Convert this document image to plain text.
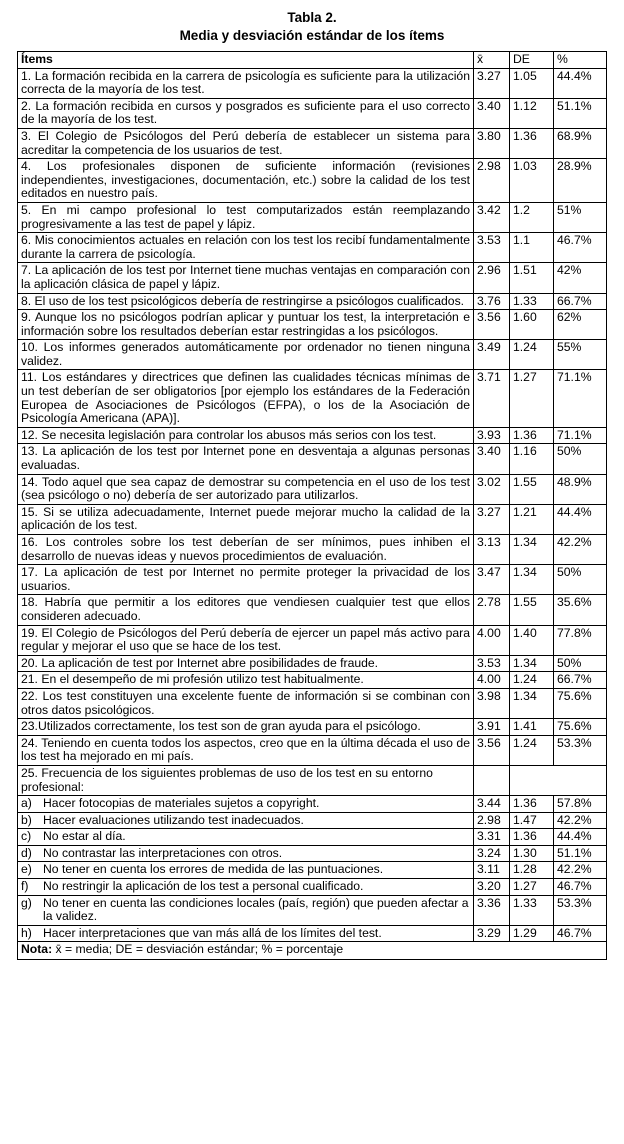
Tabla 2.
Media y desviación estándar de los ítems
Ítems	x̄	DE	%
1. La formación recibida en la carrera de psicología es suficiente para la utilización correcta de la mayoría de los test.	3.27	1.05	44.4%
2. La formación recibida en cursos y posgrados es suficiente para el uso correcto de la mayoría de los test.	3.40	1.12	51.1%
3. El Colegio de Psicólogos del Perú debería de establecer un sistema para acreditar la competencia de los usuarios de test.	3.80	1.36	68.9%
4. Los profesionales disponen de suficiente información (revisiones independientes, investigaciones, documentación, etc.) sobre la calidad de los test editados en nuestro país.	2.98	1.03	28.9%
5. En mi campo profesional lo test computarizados están reemplazando progresivamente a las test de papel y lápiz.	3.42	1.2	51%
6. Mis conocimientos actuales en relación con los test los recibí fundamentalmente durante la carrera de psicología.	3.53	1.1	46.7%
7. La aplicación de los test por Internet tiene muchas ventajas en comparación con la aplicación clásica de papel y lápiz.	2.96	1.51	42%
8. El uso de los test psicológicos debería de restringirse a psicólogos cualificados.	3.76	1.33	66.7%
9. Aunque los no psicólogos podrían aplicar y puntuar los test, la interpretación e información sobre los resultados deberían estar restringidas a los psicólogos.	3.56	1.60	62%
10. Los informes generados automáticamente por ordenador no tienen ninguna validez.	3.49	1.24	55%
11. Los estándares y directrices que definen las cualidades técnicas mínimas de un test deberían de ser obligatorios [por ejemplo los estándares de la Federación Europea de Asociaciones de Psicólogos (EFPA), o los de la Asociación de Psicología Americana (APA)].	3.71	1.27	71.1%
12. Se necesita legislación para controlar los abusos más serios con los test.	3.93	1.36	71.1%
13. La aplicación de los test por Internet pone en desventaja a algunas personas evaluadas.	3.40	1.16	50%
14. Todo aquel que sea capaz de demostrar su competencia en el uso de los test (sea psicólogo o no) debería de ser autorizado para utilizarlos.	3.02	1.55	48.9%
15. Si se utiliza adecuadamente, Internet puede mejorar mucho la calidad de la aplicación de los test.	3.27	1.21	44.4%
16. Los controles sobre los test deberían de ser mínimos, pues inhiben el desarrollo de nuevas ideas y nuevos procedimientos de evaluación.	3.13	1.34	42.2%
17. La aplicación de test por Internet no permite proteger la privacidad de los usuarios.	3.47	1.34	50%
18. Habría que permitir a los editores que vendiesen cualquier test que ellos consideren adecuado.	2.78	1.55	35.6%
19. El Colegio de Psicólogos del Perú debería de ejercer un papel más activo para regular y mejorar el uso que se hace de los test.	4.00	1.40	77.8%
20. La aplicación de test por Internet abre posibilidades de fraude.	3.53	1.34	50%
21. En el desempeño de mi profesión utilizo test habitualmente.	4.00	1.24	66.7%
22. Los test constituyen una excelente fuente de información si se combinan con otros datos psicológicos.	3.98	1.34	75.6%
23.Utilizados correctamente, los test son de gran ayuda para el psicólogo.	3.91	1.41	75.6%
24. Teniendo en cuenta todos los aspectos, creo que en la última década el uso de los test ha mejorado en mi país.	3.56	1.24	53.3%
25. Frecuencia de los siguientes problemas de uso de los test en su entorno profesional:			

a) Hacer fotocopias de materiales sujetos a copyright.	3.44	1.36	57.8%

b) Hacer evaluaciones utilizando test inadecuados.	2.98	1.47	42.2%

c) No estar al día.	3.31	1.36	44.4%

d) No contrastar las interpretaciones con otros.	3.24	1.30	51.1%

e) No tener en cuenta los errores de medida de las puntuaciones.	3.11	1.28	42.2%

f) No restringir la aplicación de los test a personal cualificado.	3.20	1.27	46.7%

g) No tener en cuenta las condiciones locales (país, región) que pueden afectar a la validez.	3.36	1.33	53.3%

h) Hacer interpretaciones que van más allá de los límites del test.	3.29	1.29	46.7%
Nota: x̄ = media; DE = desviación estándar; % = porcentaje			
